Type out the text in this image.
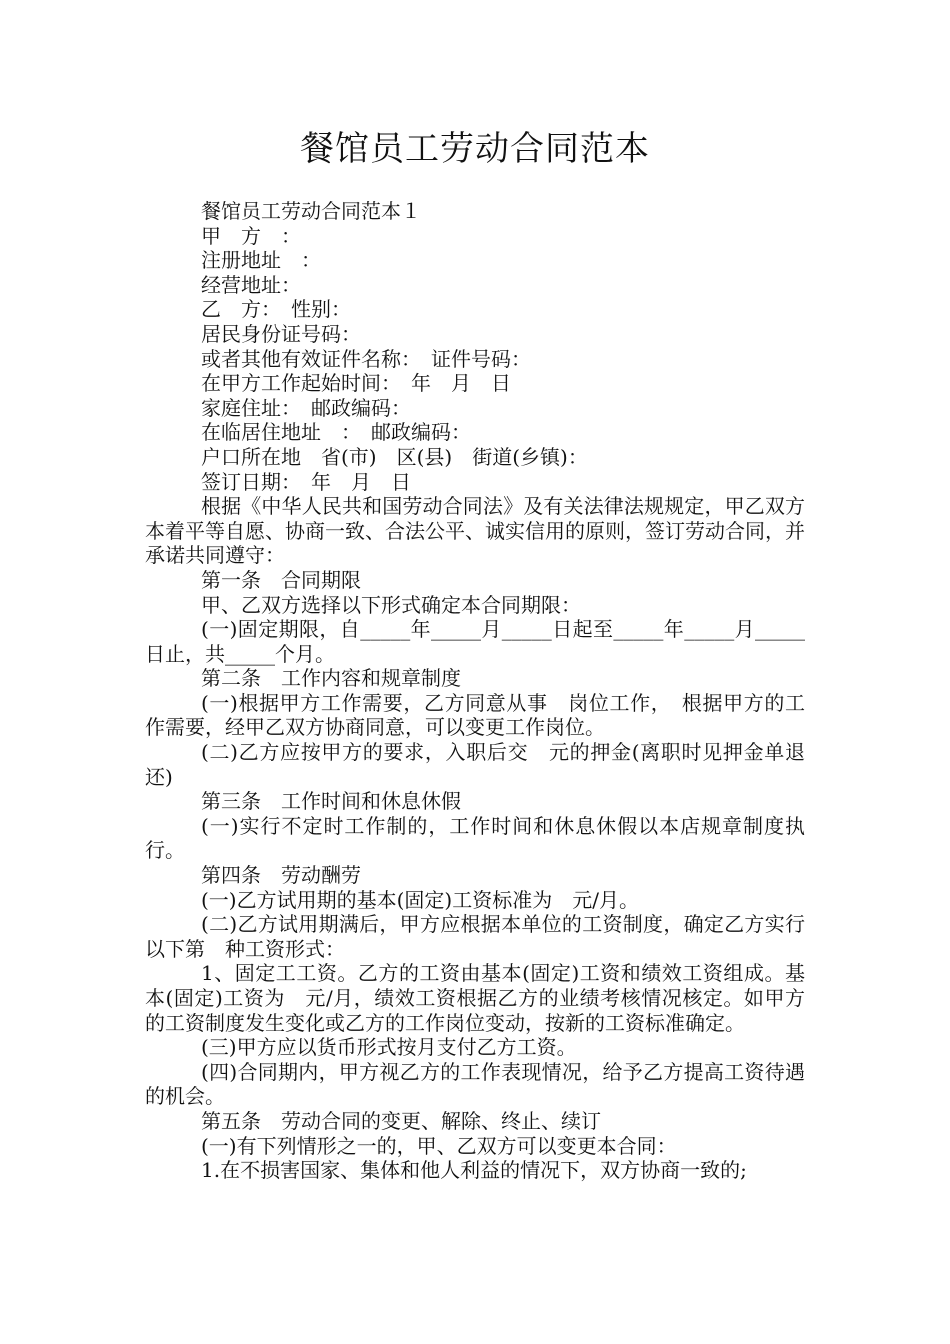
餐馆员工劳动合同范本

餐馆员工劳动合同范本１

甲　方　：

注册地址　：

经营地址：

乙　方：　性别：

居民身份证号码：

或者其他有效证件名称：　证件号码：

在甲方工作起始时间：　年　月　日

家庭住址：　邮政编码：

在临居住地址　：　邮政编码：

户口所在地　省(市)　区(县)　街道(乡镇)：

签订日期：　年　月　日

根据《中华人民共和国劳动合同法》及有关法律法规规定，甲乙双方本着平等自愿、协商一致、合法公平、诚实信用的原则，签订劳动合同，并承诺共同遵守：

第一条　合同期限

甲、乙双方选择以下形式确定本合同期限：

(一)固定期限，自_____年_____月_____日起至_____年_____月_____日止，共_____个月。

第二条　工作内容和规章制度

(一)根据甲方工作需要，乙方同意从事　岗位工作，　根据甲方的工作需要，经甲乙双方协商同意，可以变更工作岗位。

(二)乙方应按甲方的要求，入职后交　元的押金(离职时见押金单退还)

第三条　工作时间和休息休假

(一)实行不定时工作制的，工作时间和休息休假以本店规章制度执行。

第四条　劳动酬劳

(一)乙方试用期的基本(固定)工资标准为　元/月。

(二)乙方试用期满后，甲方应根据本单位的工资制度，确定乙方实行以下第　种工资形式：

1、固定工工资。乙方的工资由基本(固定)工资和绩效工资组成。基本(固定)工资为　元/月，绩效工资根据乙方的业绩考核情况核定。如甲方的工资制度发生变化或乙方的工作岗位变动，按新的工资标准确定。

(三)甲方应以货币形式按月支付乙方工资。

(四)合同期内，甲方视乙方的工作表现情况，给予乙方提高工资待遇的机会。

第五条　劳动合同的变更、解除、终止、续订

(一)有下列情形之一的，甲、乙双方可以变更本合同：

1.在不损害国家、集体和他人利益的情况下，双方协商一致的;
